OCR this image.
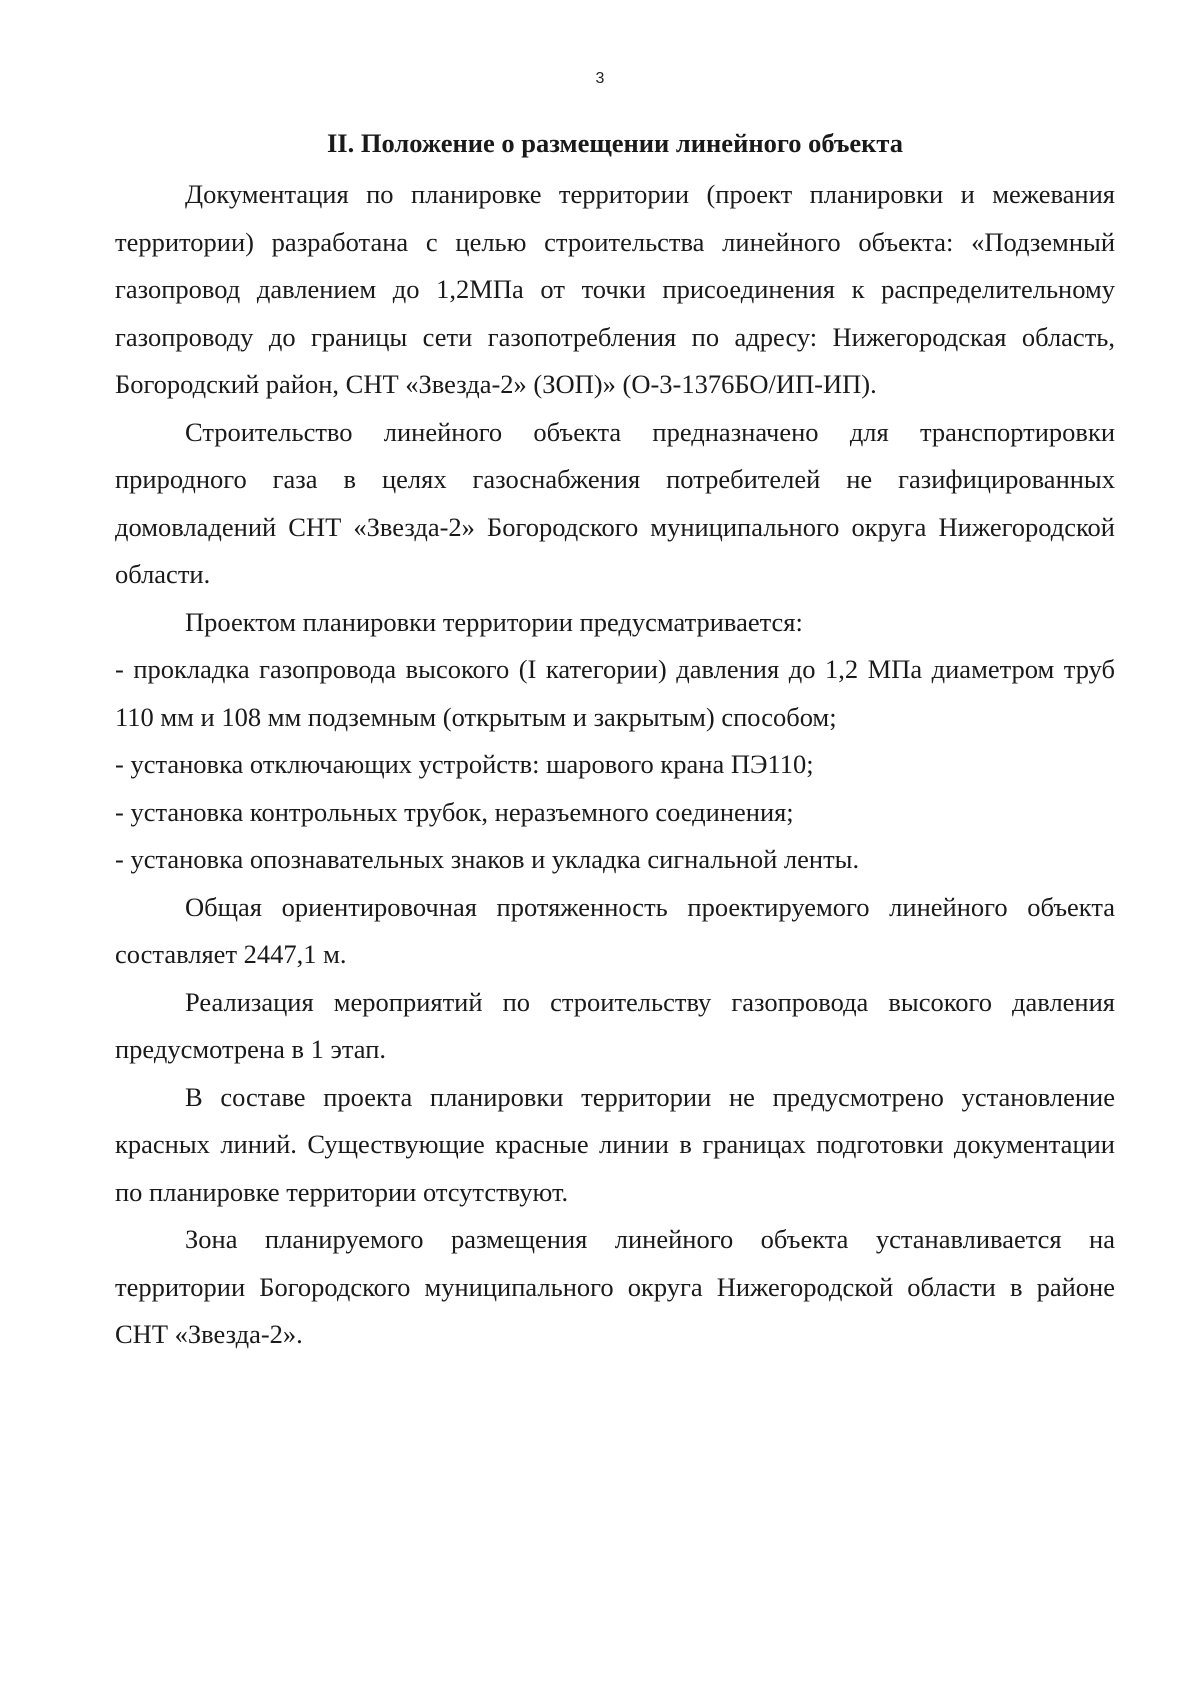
3

II. Положение о размещении линейного объекта

Документация по планировке территории (проект планировки и межевания территории) разработана с целью строительства линейного объекта: «Подземный газопровод давлением до 1,2МПа от точки присоединения к распределительному газопроводу до границы сети газопотребления по адресу: Нижегородская область, Богородский район, СНТ «Звезда-2» (ЗОП)» (О-3-1376БО/ИП-ИП).

Строительство линейного объекта предназначено для транспортировки природного газа в целях газоснабжения потребителей не газифицированных домовладений СНТ «Звезда-2» Богородского муниципального округа Нижегородской области.

Проектом планировки территории предусматривается:

- прокладка газопровода высокого (I категории) давления до 1,2 МПа диаметром труб 110 мм и 108 мм подземным (открытым и закрытым) способом;

- установка отключающих устройств: шарового крана ПЭ110;

- установка контрольных трубок, неразъемного соединения;

- установка опознавательных знаков и укладка сигнальной ленты.

Общая ориентировочная протяженность проектируемого линейного объекта составляет 2447,1 м.

Реализация мероприятий по строительству газопровода высокого давления предусмотрена в 1 этап.

В составе проекта планировки территории не предусмотрено установление красных линий. Существующие красные линии в границах подготовки документации по планировке территории отсутствуют.

Зона планируемого размещения линейного объекта устанавливается на территории Богородского муниципального округа Нижегородской области в районе СНТ «Звезда-2».
